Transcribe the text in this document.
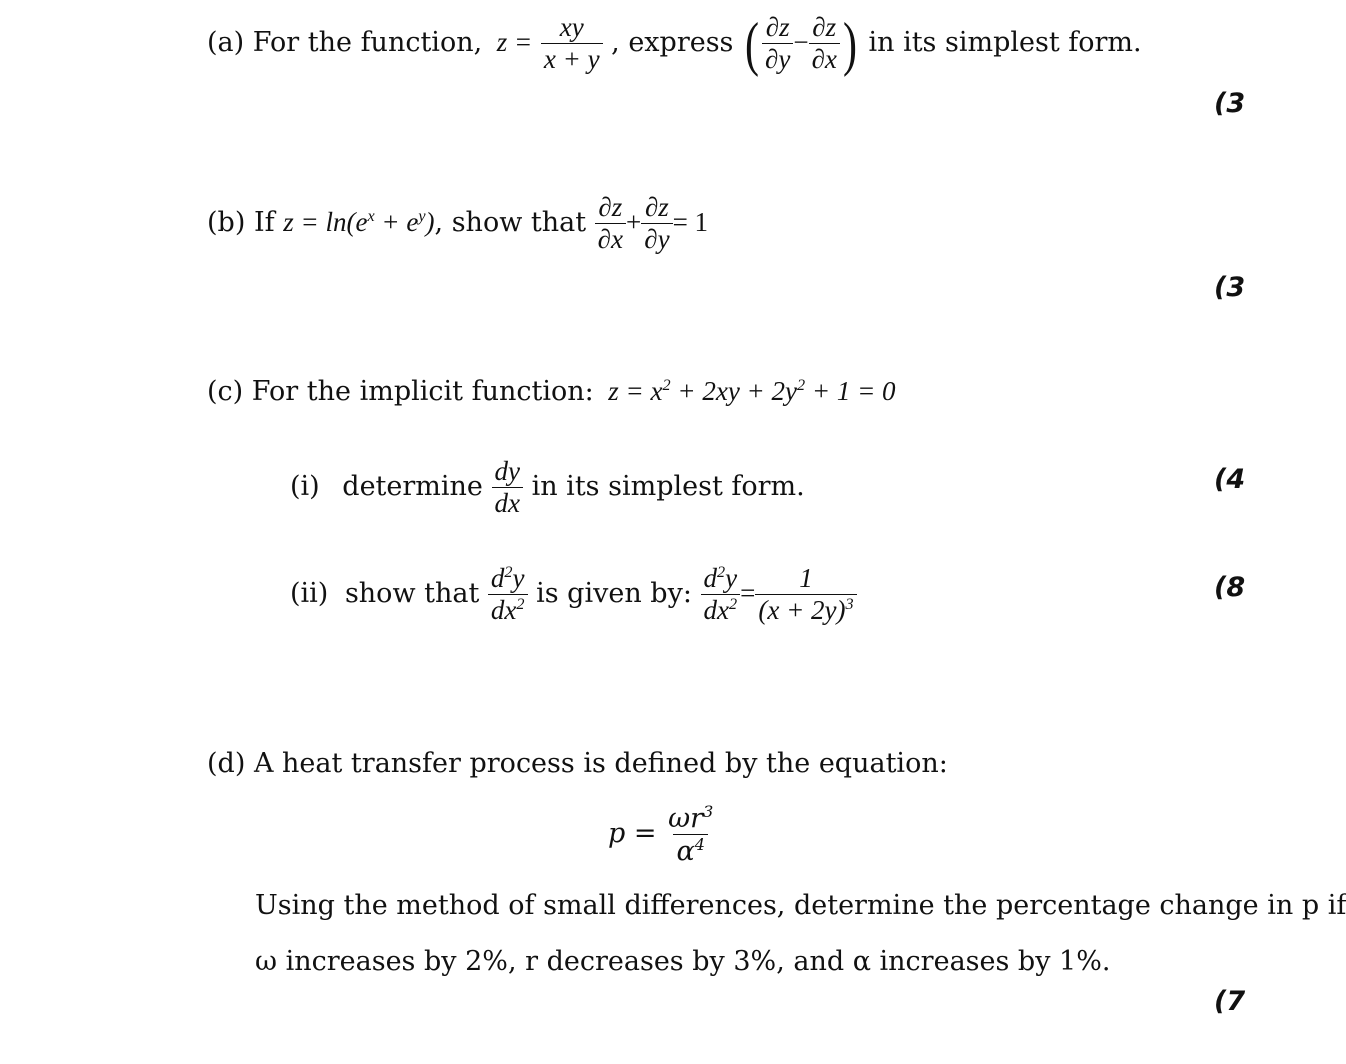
(a) For the function, $z = \frac{xy}{x + y}$ , express ( $\frac{\partial z}{\partial y} - \frac{\partial z}{\partial x}$ ) in its simplest form.
(3
(b) If $z = \ln(e^x + e^y)$, show that $\frac{\partial z}{\partial x} + \frac{\partial z}{\partial y} = 1$
(3
(c) For the implicit function: $z = x^2 + 2xy + 2y^2 + 1 = 0$
(i) determine $\frac{dy}{dx}$ in its simplest form.	(4
(ii) show that $\frac{d^2y}{dx^2}$ is given by: $\frac{d^2y}{dx^2} = \frac{1}{(x + 2y)^3}$	(8
(d) A heat transfer process is defined by the equation:
$p = \frac{\omega r^3}{\alpha^4}$
Using the method of small differences, determine the percentage change in p if
ω increases by 2%, r decreases by 3%, and α increases by 1%.
(7
